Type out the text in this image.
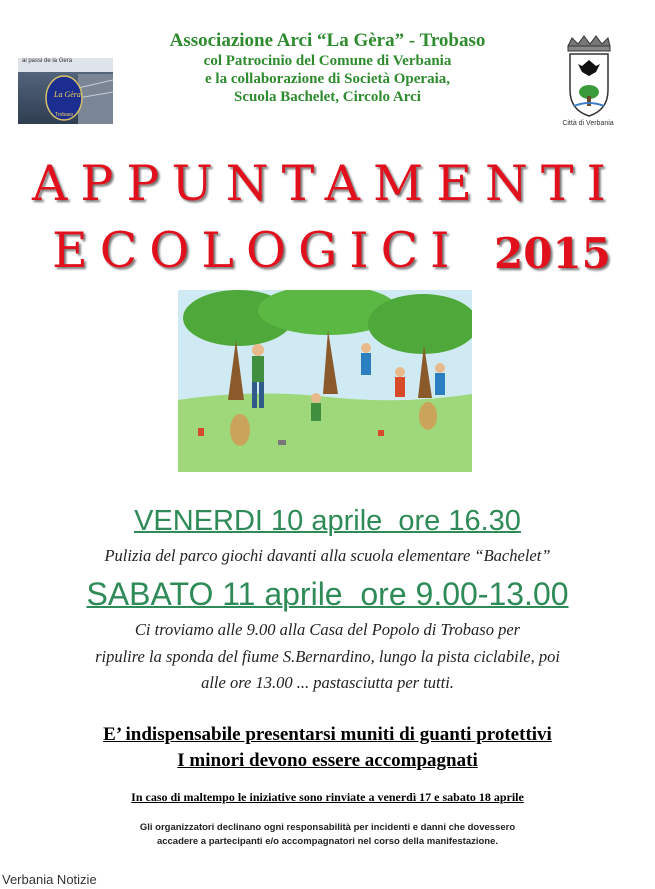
ai passi de la Gera
La Gèra
Trobaso
Città di Verbania
Associazione Arci “La Gèra” - Trobaso
col Patrocinio del Comune di Verbania
e la collaborazione di Società Operaia,
Scuola Bachelet, Circolo Arci
APPUNTAMENTI
ECOLOGICI 2015
VENERDI 10 aprile  ore 16.30
Pulizia del parco giochi davanti alla scuola elementare “Bachelet”
SABATO 11 aprile  ore 9.00-13.00
Ci troviamo alle 9.00 alla Casa del Popolo di Trobaso per
ripulire la sponda del fiume S.Bernardino, lungo la pista ciclabile, poi
alle ore 13.00 ... pastasciutta per tutti.
E’ indispensabile presentarsi muniti di guanti protettivi
I minori devono essere accompagnati
In caso di maltempo le iniziative sono rinviate a venerdì 17 e sabato 18 aprile
Gli organizzatori declinano ogni responsabilità per incidenti e danni che dovessero
accadere a partecipanti e/o accompagnatori nel corso della manifestazione.
Verbania Notizie
